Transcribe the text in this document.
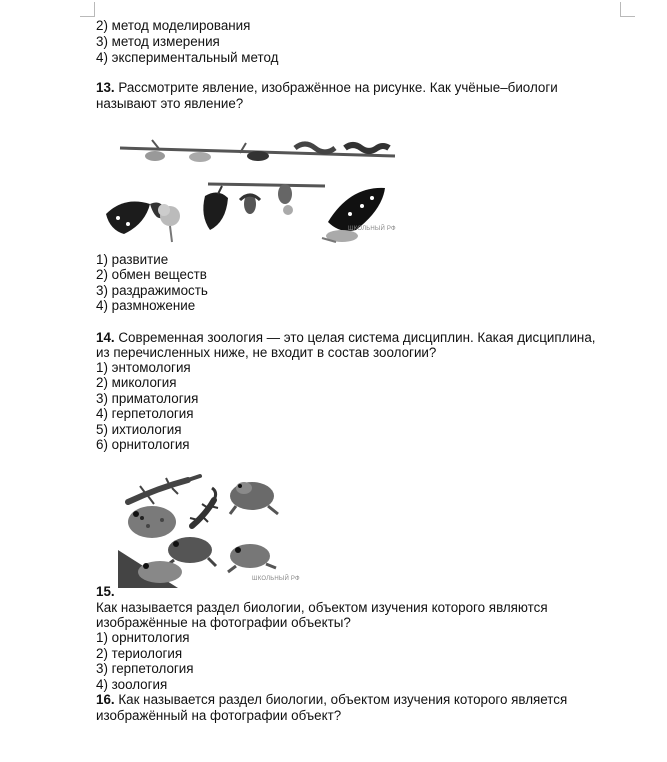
2) метод моделирования
3) метод измерения
4) экспериментальный метод
13. Рассмотрите явление, изображённое на рисунке. Как учёные–биологи
называют это явление?
ШКОЛЬНЫЙ РФ
1) развитие
2) обмен веществ
3) раздражимость
4) размножение
14. Современная зоология — это целая система дисциплин. Какая дисциплина,
из перечисленных ниже, не входит в состав зоологии?
1) энтомология
2) микология
3) приматология
4) герпетология
5) ихтиология
6) орнитология
ШКОЛЬНЫЙ РФ
15.
Как называется раздел биологии, объектом изучения которого являются
изображённые на фотографии объекты?
1) орнитология
2) териология
3) герпетология
4) зоология
16. Как называется раздел биологии, объектом изучения которого является
изображённый на фотографии объект?
